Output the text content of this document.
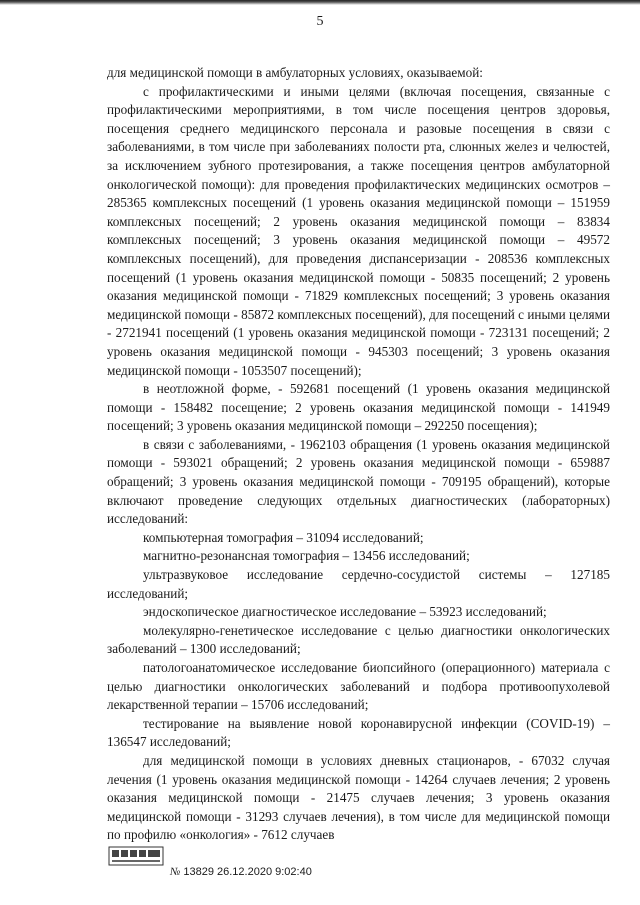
5

для медицинской помощи в амбулаторных условиях, оказываемой:

с профилактическими и иными целями (включая посещения, связанные с профилактическими мероприятиями, в том числе посещения центров здоровья, посещения среднего медицинского персонала и разовые посещения в связи с заболеваниями, в том числе при заболеваниях полости рта, слюнных желез и челюстей, за исключением зубного протезирования, а также посещения центров амбулаторной онкологической помощи): для проведения профилактических медицинских осмотров – 285365 комплексных посещений (1 уровень оказания медицинской помощи – 151959 комплексных посещений; 2 уровень оказания медицинской помощи – 83834 комплексных посещений; 3 уровень оказания медицинской помощи – 49572 комплексных посещений), для проведения диспансеризации - 208536 комплексных посещений (1 уровень оказания медицинской помощи - 50835 посещений; 2 уровень оказания медицинской помощи - 71829 комплексных посещений; 3 уровень оказания медицинской помощи - 85872 комплексных посещений), для посещений с иными целями - 2721941 посещений (1 уровень оказания медицинской помощи - 723131 посещений; 2 уровень оказания медицинской помощи - 945303 посещений; 3 уровень оказания медицинской помощи - 1053507 посещений);

в неотложной форме, - 592681 посещений (1 уровень оказания медицинской помощи - 158482 посещение; 2 уровень оказания медицинской помощи - 141949 посещений; 3 уровень оказания медицинской помощи – 292250 посещения);

в связи с заболеваниями, - 1962103 обращения (1 уровень оказания медицинской помощи - 593021 обращений; 2 уровень оказания медицинской помощи - 659887 обращений; 3 уровень оказания медицинской помощи - 709195 обращений), которые включают проведение следующих отдельных диагностических (лабораторных) исследований:

компьютерная томография – 31094 исследований;

магнитно-резонансная томография – 13456 исследований;

ультразвуковое исследование сердечно-сосудистой системы – 127185 исследований;

эндоскопическое диагностическое исследование – 53923 исследований;

молекулярно-генетическое исследование с целью диагностики онкологических заболеваний – 1300 исследований;

патологоанатомическое исследование биопсийного (операционного) материала с целью диагностики онкологических заболеваний и подбора противоопухолевой лекарственной терапии – 15706 исследований;

тестирование на выявление новой коронавирусной инфекции (COVID-19) – 136547 исследований;

для медицинской помощи в условиях дневных стационаров, - 67032 случая лечения (1 уровень оказания медицинской помощи - 14264 случаев лечения; 2 уровень оказания медицинской помощи - 21475 случаев лечения; 3 уровень оказания медицинской помощи - 31293 случаев лечения), в том числе для медицинской помощи по профилю «онкология» - 7612 случаев

№ 13829 26.12.2020 9:02:40
